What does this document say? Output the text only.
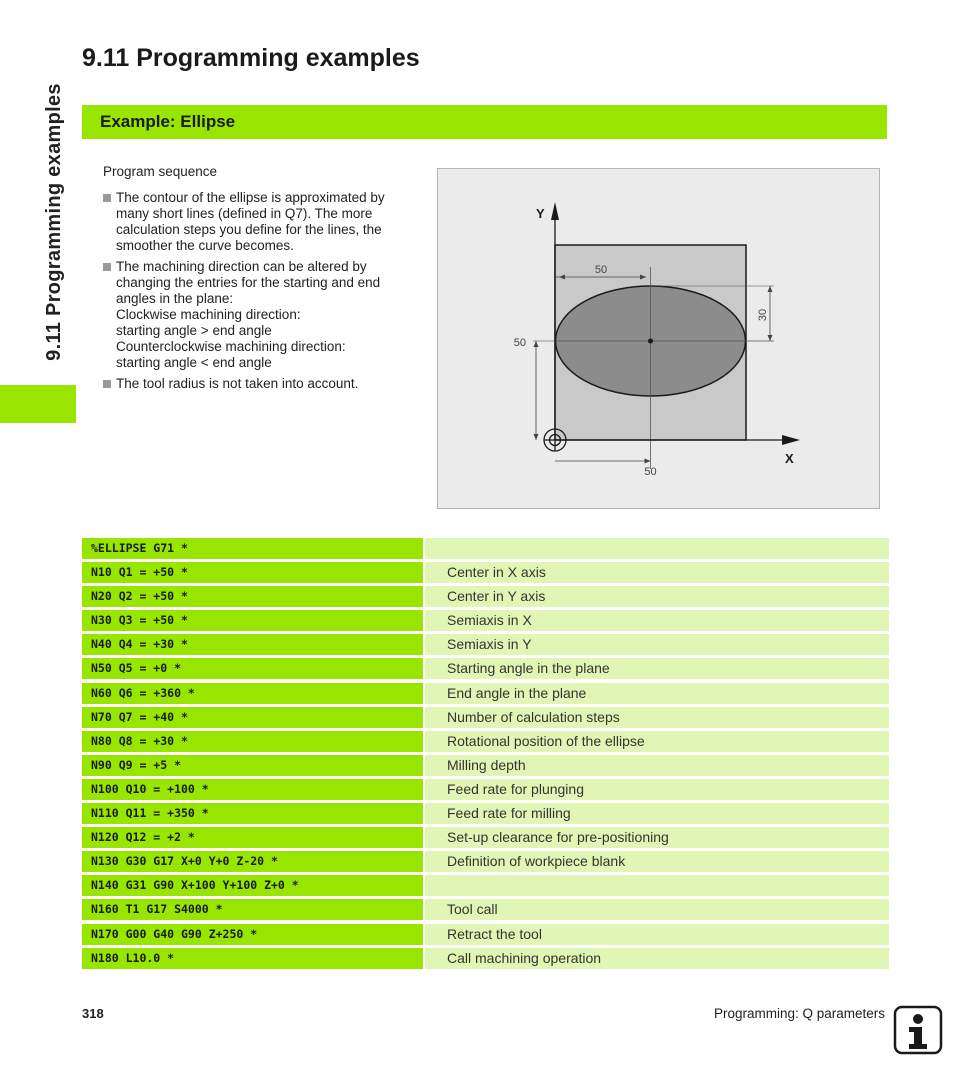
9.11 Programming examples
9.11 Programming examples
Example: Ellipse
Program sequence
The contour of the ellipse is approximated by
many short lines (defined in Q7). The more
calculation steps you define for the lines, the
smoother the curve becomes.
The machining direction can be altered by
changing the entries for the starting and end
angles in the plane:
Clockwise machining direction:
starting angle > end angle
Counterclockwise machining direction:
starting angle < end angle
The tool radius is not taken into account.
Y
X
50
50
50
30
%ELLIPSE G71 *
N10 Q1 = +50 *	Center in X axis
N20 Q2 = +50 *	Center in Y axis
N30 Q3 = +50 *	Semiaxis in X
N40 Q4 = +30 *	Semiaxis in Y
N50 Q5 = +0 *	Starting angle in the plane
N60 Q6 = +360 *	End angle in the plane
N70 Q7 = +40 *	Number of calculation steps
N80 Q8 = +30 *	Rotational position of the ellipse
N90 Q9 = +5 *	Milling depth
N100 Q10 = +100 *	Feed rate for plunging
N110 Q11 = +350 *	Feed rate for milling
N120 Q12 = +2 *	Set-up clearance for pre-positioning
N130 G30 G17 X+0 Y+0 Z-20 *	Definition of workpiece blank
N140 G31 G90 X+100 Y+100 Z+0 *
N160 T1 G17 S4000 *	Tool call
N170 G00 G40 G90 Z+250 *	Retract the tool
N180 L10.0 *	Call machining operation
318	Programming: Q parameters
